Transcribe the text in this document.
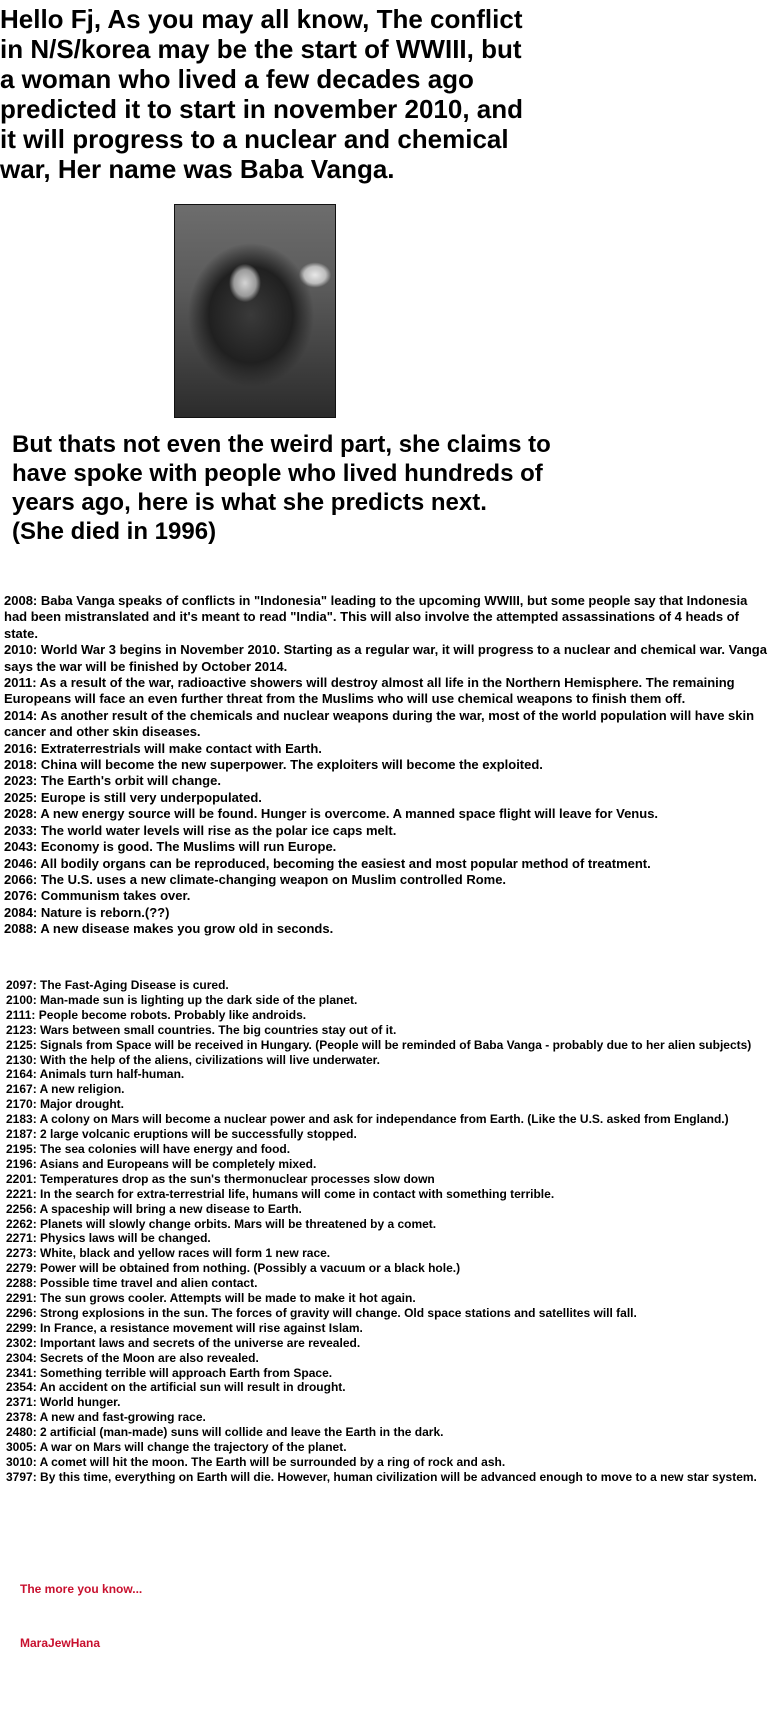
Hello Fj, As you may all know, The conflict in N/S/korea may be the start of WWIII, but a woman who lived a few decades ago predicted it to start in november 2010, and it will progress to a nuclear and chemical war, Her name was Baba Vanga.

But thats not even the weird part, she claims to have spoke with people who lived hundreds of years ago, here is what she predicts next.
(She died in 1996)
2008: Baba Vanga speaks of conflicts in "Indonesia" leading to the upcoming WWIII, but some people say that Indonesia had been mistranslated and it's meant to read "India". This will also involve the attempted assassinations of 4 heads of state.
2010: World War 3 begins in November 2010. Starting as a regular war, it will progress to a nuclear and chemical war. Vanga says the war will be finished by October 2014.
2011: As a result of the war, radioactive showers will destroy almost all life in the Northern Hemisphere. The remaining Europeans will face an even further threat from the Muslims who will use chemical weapons to finish them off.
2014: As another result of the chemicals and nuclear weapons during the war, most of the world population will have skin cancer and other skin diseases.
2016: Extraterrestrials will make contact with Earth.
2018: China will become the new superpower. The exploiters will become the exploited.
2023: The Earth's orbit will change.
2025: Europe is still very underpopulated.
2028: A new energy source will be found. Hunger is overcome. A manned space flight will leave for Venus.
2033: The world water levels will rise as the polar ice caps melt.
2043: Economy is good. The Muslims will run Europe.
2046: All bodily organs can be reproduced, becoming the easiest and most popular method of treatment.
2066: The U.S. uses a new climate-changing weapon on Muslim controlled Rome.
2076: Communism takes over.
2084: Nature is reborn.(??)
2088: A new disease makes you grow old in seconds.
2097: The Fast-Aging Disease is cured.
2100: Man-made sun is lighting up the dark side of the planet.
2111: People become robots. Probably like androids.
2123: Wars between small countries. The big countries stay out of it.
2125: Signals from Space will be received in Hungary. (People will be reminded of Baba Vanga - probably due to her alien subjects)
2130: With the help of the aliens, civilizations will live underwater.
2164: Animals turn half-human.
2167: A new religion.
2170: Major drought.
2183: A colony on Mars will become a nuclear power and ask for independance from Earth. (Like the U.S. asked from England.)
2187: 2 large volcanic eruptions will be successfully stopped.
2195: The sea colonies will have energy and food.
2196: Asians and Europeans will be completely mixed.
2201: Temperatures drop as the sun's thermonuclear processes slow down
2221: In the search for extra-terrestrial life, humans will come in contact with something terrible.
2256: A spaceship will bring a new disease to Earth.
2262: Planets will slowly change orbits. Mars will be threatened by a comet.
2271: Physics laws will be changed.
2273: White, black and yellow races will form 1 new race.
2279: Power will be obtained from nothing. (Possibly a vacuum or a black hole.)
2288: Possible time travel and alien contact.
2291: The sun grows cooler. Attempts will be made to make it hot again.
2296: Strong explosions in the sun. The forces of gravity will change. Old space stations and satellites will fall.
2299: In France, a resistance movement will rise against Islam.
2302: Important laws and secrets of the universe are revealed.
2304: Secrets of the Moon are also revealed.
2341: Something terrible will approach Earth from Space.
2354: An accident on the artificial sun will result in drought.
2371: World hunger.
2378: A new and fast-growing race.
2480: 2 artificial (man-made) suns will collide and leave the Earth in the dark.
3005: A war on Mars will change the trajectory of the planet.
3010: A comet will hit the moon. The Earth will be surrounded by a ring of rock and ash.
3797: By this time, everything on Earth will die. However, human civilization will be advanced enough to move to a new star system.

The more you know...

MaraJewHana
